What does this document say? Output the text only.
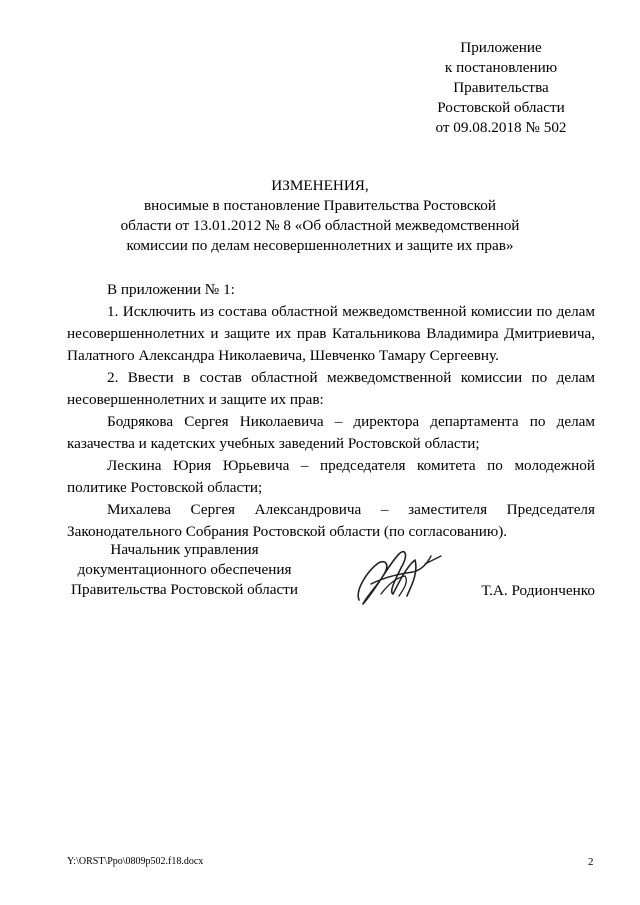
Приложение
к постановлению
Правительства
Ростовской области
от 09.08.2018 № 502
ИЗМЕНЕНИЯ,
вносимые в постановление Правительства Ростовской
области от 13.01.2012 № 8 «Об областной межведомственной
комиссии по делам несовершеннолетних и защите их прав»
В приложении № 1:
1. Исключить из состава областной межведомственной комиссии по делам
несовершеннолетних и защите их прав Катальникова Владимира Дмитриевича,
Палатного Александра Николаевича, Шевченко Тамару Сергеевну.
2. Ввести в состав областной межведомственной комиссии по делам
несовершеннолетних и защите их прав:
Бодрякова Сергея Николаевича – директора департамента по делам
казачества и кадетских учебных заведений Ростовской области;
Лескина Юрия Юрьевича – председателя комитета по молодежной
политике Ростовской области;
Михалева Сергея Александровича – заместителя Председателя
Законодательного Собрания Ростовской области (по согласованию).
Начальник управления
документационного обеспечения
Правительства Ростовской области	Т.А. Родионченко
Y:\ORST\Ppo\0809p502.f18.docx	2
